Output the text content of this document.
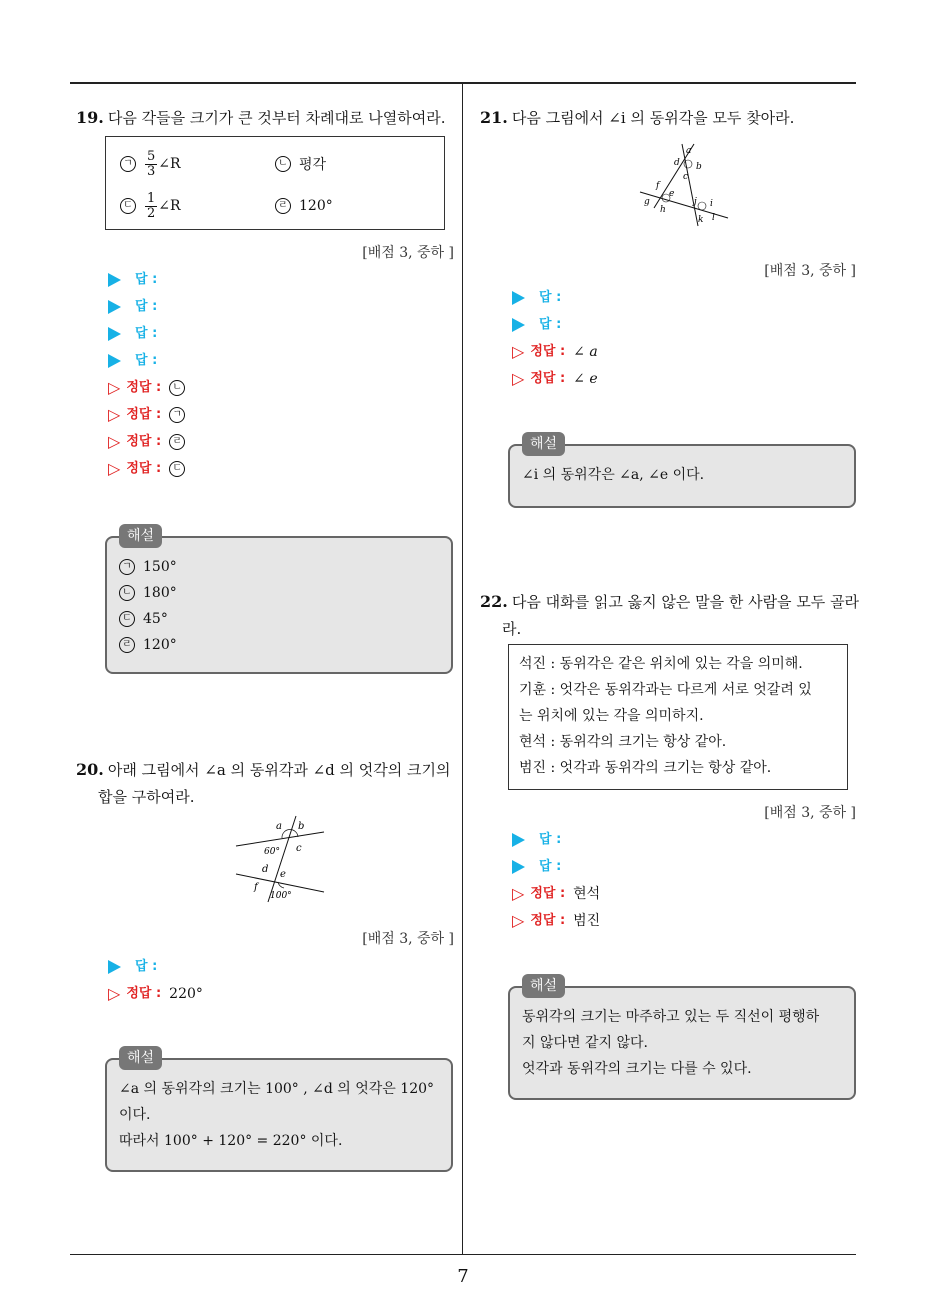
19. 다음 각들을 크기가 큰 것부터 차례대로 나열하여라.
ㄱ $\frac{5}{3}$ ∠R	ㄴ 평각
ㄷ $\frac{1}{2}$ ∠R	ㄹ 120°
[배점 3, 중하 ]
답 :
답 :
답 :
답 :
▷ 정답 :	ㄴ
▷ 정답 :	ㄱ
▷ 정답 :	ㄹ
▷ 정답 :	ㄷ
해설
ㄱ 150°
ㄴ 180°
ㄷ 45°
ㄹ 120°
20. 아래 그림에서 ∠a 의 동위각과 ∠d 의 엇각의 크기의
합을 구하여라.
a b
c
60°
d e
f
100°
[배점 3, 중하 ]
답 :
▷ 정답 : 220°
해설
∠a 의 동위각의 크기는 100° , ∠d 의 엇각은 120°
이다.
따라서 100° + 120° = 220° 이다.
21. 다음 그림에서 ∠i 의 동위각을 모두 찾아라.
a
b
c
d
e
f
g
h
i
j
k l
[배점 3, 중하 ]
답 :
답 :
▷ 정답 : ∠ a
▷ 정답 : ∠ e
해설
∠i 의 동위각은 ∠a, ∠e 이다.
22. 다음 대화를 읽고 옳지 않은 말을 한 사람을 모두 골라
라.
석진 : 동위각은 같은 위치에 있는 각을 의미해.
기훈 : 엇각은 동위각과는 다르게 서로 엇갈려 있
는 위치에 있는 각을 의미하지.
현석 : 동위각의 크기는 항상 같아.
범진 : 엇각과 동위각의 크기는 항상 같아.
[배점 3, 중하 ]
답 :
답 :
▷ 정답 : 현석
▷ 정답 : 범진
해설
동위각의 크기는 마주하고 있는 두 직선이 평행하
지 않다면 같지 않다.
엇각과 동위각의 크기는 다를 수 있다.
7
